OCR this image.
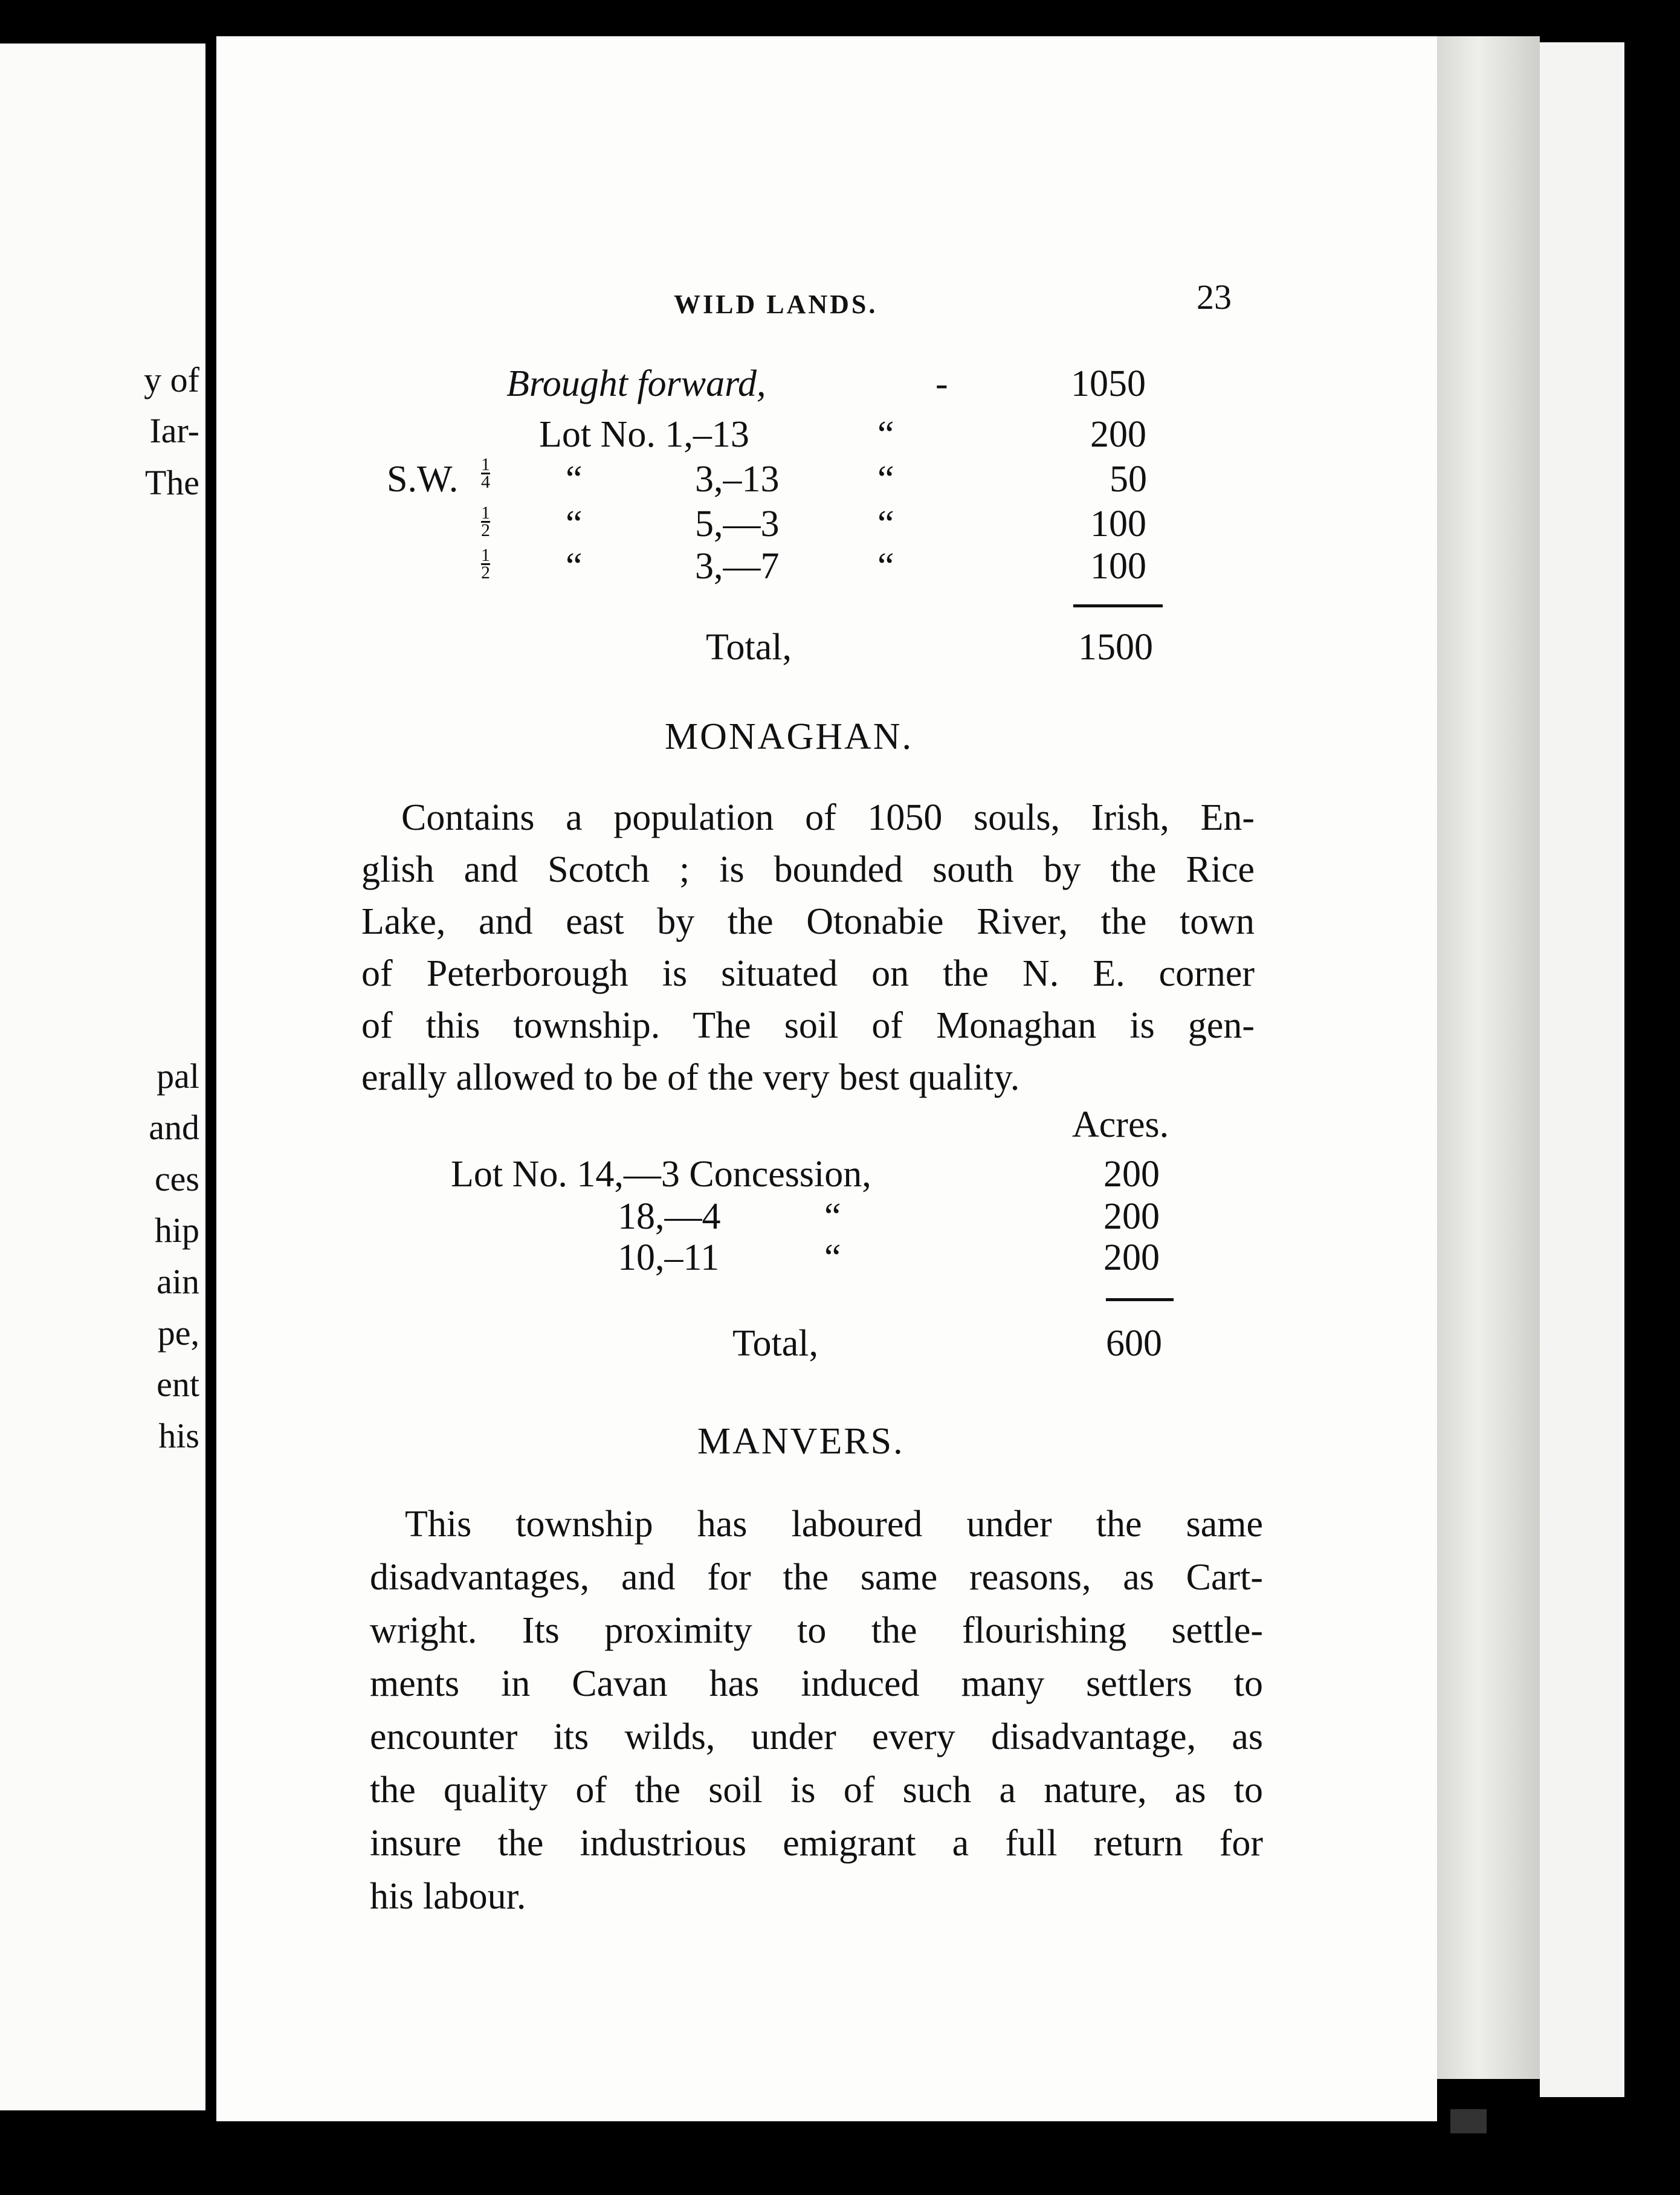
y of
Iar-
The
pal
and
ces
hip
ain
pe,
ent
his
WILD LANDS.	23
Brought forward,	-	1050
Lot No. 1,–13	“	200
S.W. $\frac{1}{4}$ “	3,–13	“	50
$\frac{1}{2}$ “	5,—3	“	100
$\frac{1}{2}$ “	3,—7	“	100
Total,	1500
MONAGHAN.
Contains a population of 1050 souls, Irish, En-
glish and Scotch ; is bounded south by the Rice
Lake, and east by the Otonabie River, the town
of Peterborough is situated on the N. E. corner
of this township. The soil of Monaghan is gen-
erally allowed to be of the very best quality.
Acres.
Lot No. 14,—3 Concession,	200
18,—4	“	200
10,–11	“	200
Total,	600
MANVERS.
This township has laboured under the same
disadvantages, and for the same reasons, as Cart-
wright. Its proximity to the flourishing settle-
ments in Cavan has induced many settlers to
encounter its wilds, under every disadvantage, as
the quality of the soil is of such a nature, as to
insure the industrious emigrant a full return for
his labour.
